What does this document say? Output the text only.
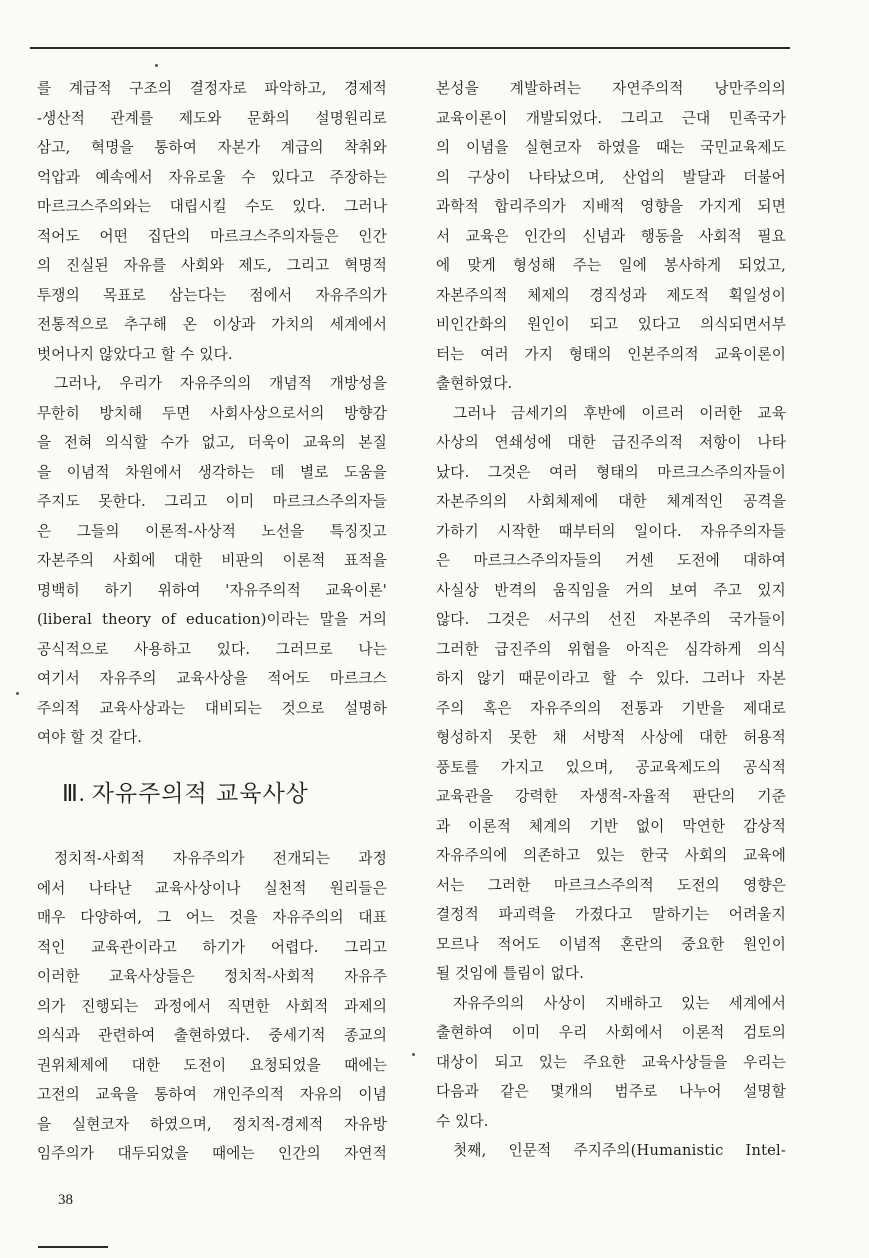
를 계급적 구조의 결정자로 파악하고, 경제적

-생산적 관계를 제도와 문화의 설명원리로

삼고, 혁명을 통하여 자본가 계급의 착취와

억압과 예속에서 자유로울 수 있다고 주장하는

마르크스주의와는 대립시킬 수도 있다. 그러나

적어도 어떤 집단의 마르크스주의자들은 인간

의 진실된 자유를 사회와 제도, 그리고 혁명적

투쟁의 목표로 삼는다는 점에서 자유주의가

전통적으로 추구해 온 이상과 가치의 세계에서

벗어나지 않았다고 할 수 있다.

그러나, 우리가 자유주의의 개념적 개방성을

무한히 방치해 두면 사회사상으로서의 방향감

을 전혀 의식할 수가 없고, 더욱이 교육의 본질

을 이념적 차원에서 생각하는 데 별로 도움을

주지도 못한다. 그리고 이미 마르크스주의자들

은 그들의 이론적-사상적 노선을 특징짓고

자본주의 사회에 대한 비판의 이론적 표적을

명백히 하기 위하여 '자유주의적 교육이론'

(liberal theory of education)이라는 말을 거의

공식적으로 사용하고 있다. 그러므로 나는

여기서 자유주의 교육사상을 적어도 마르크스

주의적 교육사상과는 대비되는 것으로 설명하

여야 할 것 같다.

Ⅲ. 자유주의적 교육사상

정치적-사회적 자유주의가 전개되는 과정

에서 나타난 교육사상이나 실천적 원리들은

매우 다양하여, 그 어느 것을 자유주의의 대표

적인 교육관이라고 하기가 어렵다. 그리고

이러한 교육사상들은 정치적-사회적 자유주

의가 진행되는 과정에서 직면한 사회적 과제의

의식과 관련하여 출현하였다. 중세기적 종교의

권위체제에 대한 도전이 요청되었을 때에는

고전의 교육을 통하여 개인주의적 자유의 이념

을 실현코자 하였으며, 정치적-경제적 자유방

임주의가 대두되었을 때에는 인간의 자연적

본성을 계발하려는 자연주의적 낭만주의의

교육이론이 개발되었다. 그리고 근대 민족국가

의 이념을 실현코자 하였을 때는 국민교육제도

의 구상이 나타났으며, 산업의 발달과 더불어

과학적 합리주의가 지배적 영향을 가지게 되면

서 교육은 인간의 신념과 행동을 사회적 필요

에 맞게 형성해 주는 일에 봉사하게 되었고,

자본주의적 체제의 경직성과 제도적 획일성이

비인간화의 원인이 되고 있다고 의식되면서부

터는 여러 가지 형태의 인본주의적 교육이론이

출현하였다.

그러나 금세기의 후반에 이르러 이러한 교육

사상의 연쇄성에 대한 급진주의적 저항이 나타

났다. 그것은 여러 형태의 마르크스주의자들이

자본주의의 사회체제에 대한 체계적인 공격을

가하기 시작한 때부터의 일이다. 자유주의자들

은 마르크스주의자들의 거센 도전에 대하여

사실상 반격의 움직임을 거의 보여 주고 있지

않다. 그것은 서구의 선진 자본주의 국가들이

그러한 급진주의 위협을 아직은 심각하게 의식

하지 않기 때문이라고 할 수 있다. 그러나 자본

주의 혹은 자유주의의 전통과 기반을 제대로

형성하지 못한 채 서방적 사상에 대한 허용적

풍토를 가지고 있으며, 공교육제도의 공식적

교육관을 강력한 자생적-자율적 판단의 기준

과 이론적 체계의 기반 없이 막연한 감상적

자유주의에 의존하고 있는 한국 사회의 교육에

서는 그러한 마르크스주의적 도전의 영향은

결정적 파괴력을 가졌다고 말하기는 어려울지

모르나 적어도 이념적 혼란의 중요한 원인이

될 것임에 틀림이 없다.

자유주의의 사상이 지배하고 있는 세계에서

출현하여 이미 우리 사회에서 이론적 검토의

대상이 되고 있는 주요한 교육사상들을 우리는

다음과 같은 몇개의 범주로 나누어 설명할

수 있다.

첫째, 인문적 주지주의(Humanistic Intel-

38
